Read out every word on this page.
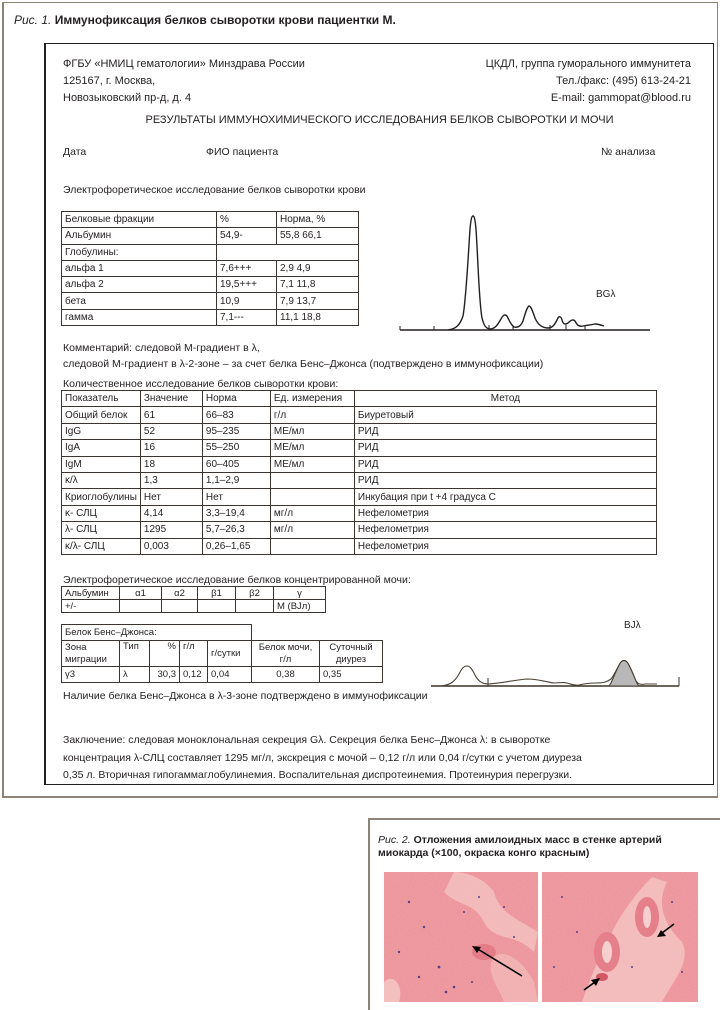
Рис. 1. Иммунофиксация белков сыворотки крови пациентки М.
ФГБУ «НМИЦ гематологии» Минздрава России
125167, г. Москва,
Новозыковский пр-д, д. 4
ЦКДЛ, группа гуморального иммунитета
Тел./факс: (495) 613-24-21
E-mail: gammopat@blood.ru
РЕЗУЛЬТАТЫ ИММУНОХИМИЧЕСКОГО ИССЛЕДОВАНИЯ БЕЛКОВ СЫВОРОТКИ И МОЧИ
Дата	ФИО пациента	№ анализа
Электрофоретическое исследование белков сыворотки крови
Белковые фракции	%	Норма, %
Альбумин	54,9-	55,8 66,1
Глобулины:		
альфа 1	7,6+++	2,9 4,9
альфа 2	19,5+++	7,1 11,8
бета	10,9	7,9 13,7
гамма	7,1---	11,1 18,8
BGλ
Комментарий: следовой М-градиент в λ,
следовой М-градиент в λ-2-зоне – за счет белка Бенс–Джонса (подтверждено в иммунофиксации)
Количественное исследование белков сыворотки крови:
Показатель	Значение	Норма	Ед. измерения	Метод
Общий белок	61	66–83	г/л	Биуретовый
IgG	52	95–235	МЕ/мл	РИД
IgA	16	55–250	МЕ/мл	РИД
IgM	18	60–405	МЕ/мл	РИД
κ/λ	1,3	1,1–2,9		РИД
Криоглобулины	Нет	Нет		Инкубация при t +4 градуса С
κ- СЛЦ	4,14	3,3–19,4	мг/л	Нефелометрия
λ- СЛЦ	1295	5,7–26,3	мг/л	Нефелометрия
κ/λ- СЛЦ	0,003	0,26–1,65		Нефелометрия
Электрофоретическое исследование белков концентрированной мочи:
Альбумин	α1	α2	β1	β2	γ
+/-					M (BJл)
Белок Бенс–Джонса:						
Зона миграции	Тип	%	г/л	г/сутки	Белок мочи, г/л	Суточный диурез
γ3	λ	30,3	0,12	0,04	0,38	0,35
BJλ
Наличие белка Бенс–Джонса в λ-3-зоне подтверждено в иммунофиксации
Заключение: следовая моноклональная секреция Gλ. Секреция белка Бенс–Джонса λ: в сыворотке
концентрация λ-СЛЦ составляет 1295 мг/л, экскреция с мочой – 0,12 г/л или 0,04 г/сутки с учетом диуреза
0,35 л. Вторичная гипогаммаглобулинемия. Воспалительная диспротеинемия. Протеинурия перегрузки.
Рис. 2. Отложения амилоидных масс в стенке артерий миокарда (×100, окраска конго красным)
